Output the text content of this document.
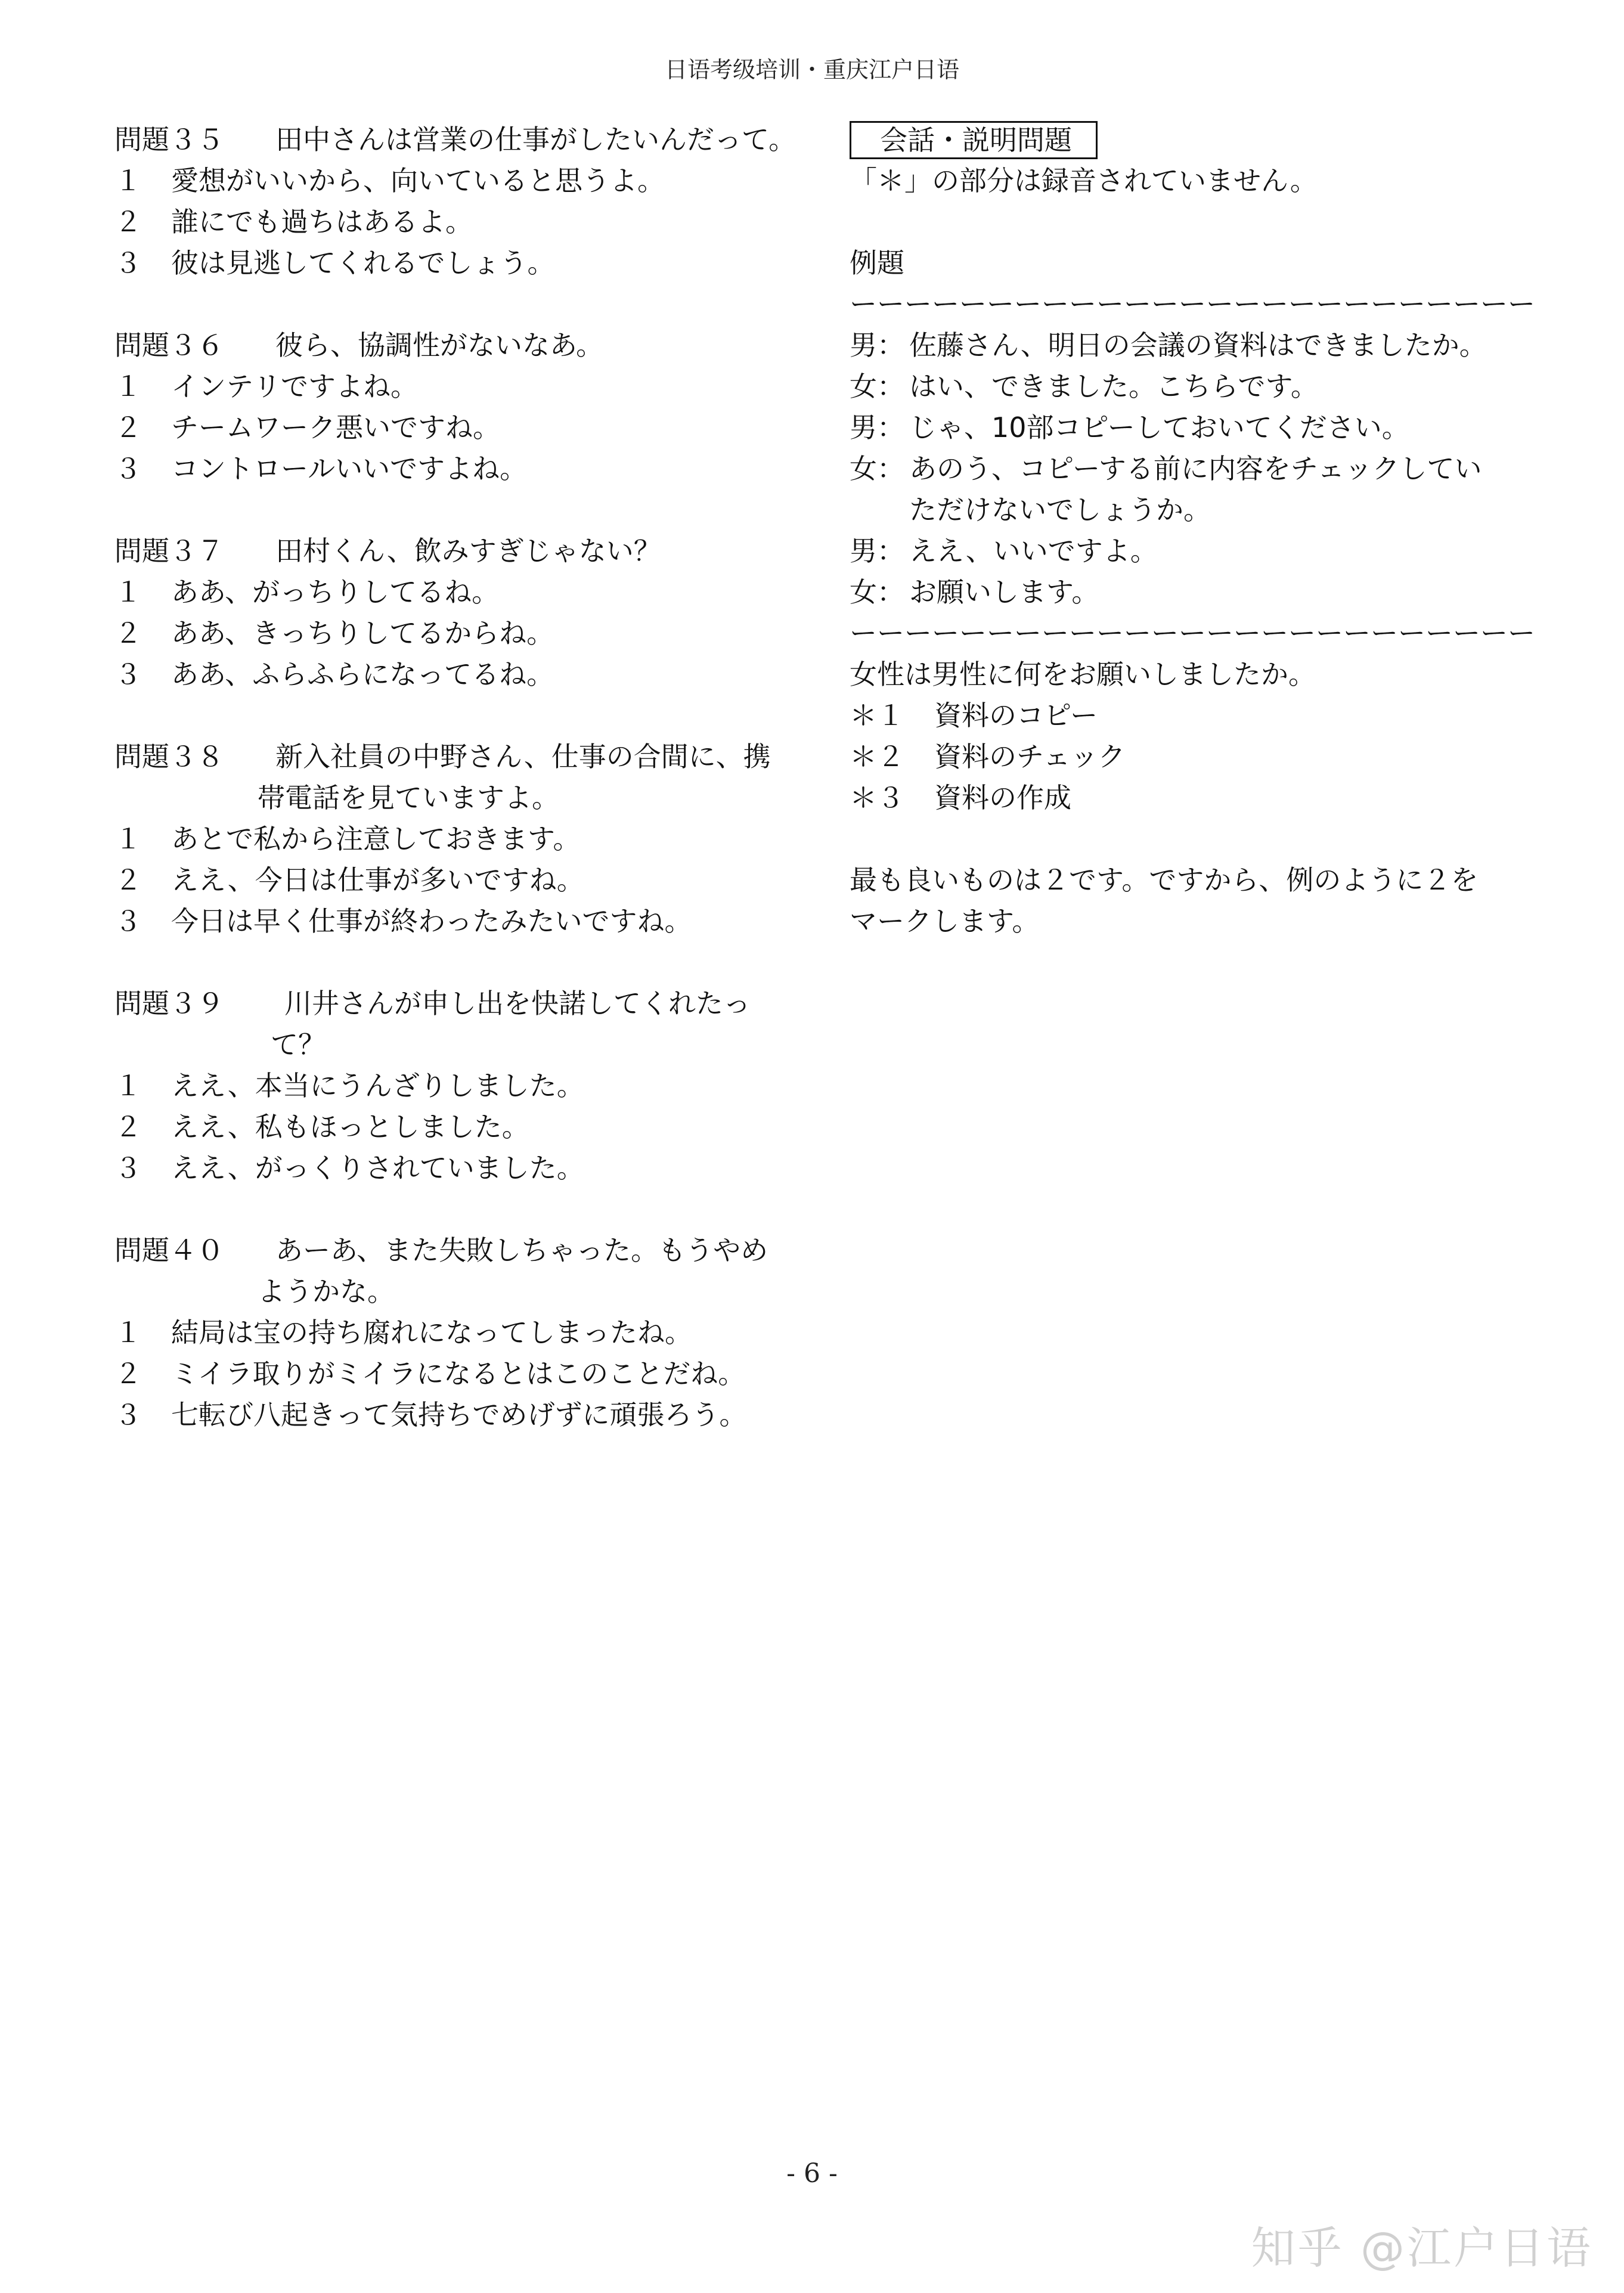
日语考级培训・重庆江户日语
問題３５	田中さんは営業の仕事がしたいんだって。
１	愛想がいいから、向いていると思うよ。
２	誰にでも過ちはあるよ。
３	彼は見逃してくれるでしょう。
問題３６	彼ら、協調性がないなあ。
１	インテリですよね。
２	チームワーク悪いですね。
３	コントロールいいですよね。
問題３７	田村くん、飲みすぎじゃない？
１	ああ、がっちりしてるね。
２	ああ、きっちりしてるからね。
３	ああ、ふらふらになってるね。
問題３８	新入社員の中野さん、仕事の合間に、携
帯電話を見ていますよ。
１	あとで私から注意しておきます。
２	ええ、今日は仕事が多いですね。
３	今日は早く仕事が終わったみたいですね。
問題３９	川井さんが申し出を快諾してくれたっ
て？
１	ええ、本当にうんざりしました。
２	ええ、私もほっとしました。
３	ええ、がっくりされていました。
問題４０	あーあ、また失敗しちゃった。もうやめ
ようかな。
１	結局は宝の持ち腐れになってしまったね。
２	ミイラ取りがミイラになるとはこのことだね。
３	七転び八起きって気持ちでめげずに頑張ろう。
会話・説明問題
「＊」の部分は録音されていません。
例題
ーーーーーーーーーーーーーーーーーーーーーーーーー
男： 佐藤さん、明日の会議の資料はできましたか。
女： はい、できました。こちらです。
男： じゃ、10部コピーしておいてください。
女： あのう、コピーする前に内容をチェックしてい
ただけないでしょうか。
男： ええ、いいですよ。
女： お願いします。
ーーーーーーーーーーーーーーーーーーーーーーーーー
女性は男性に何をお願いしましたか。
＊１	資料のコピー
＊２	資料のチェック
＊３	資料の作成
最も良いものは２です。ですから、例のように２を
マークします。
- 6 -
知乎 @江户日语
